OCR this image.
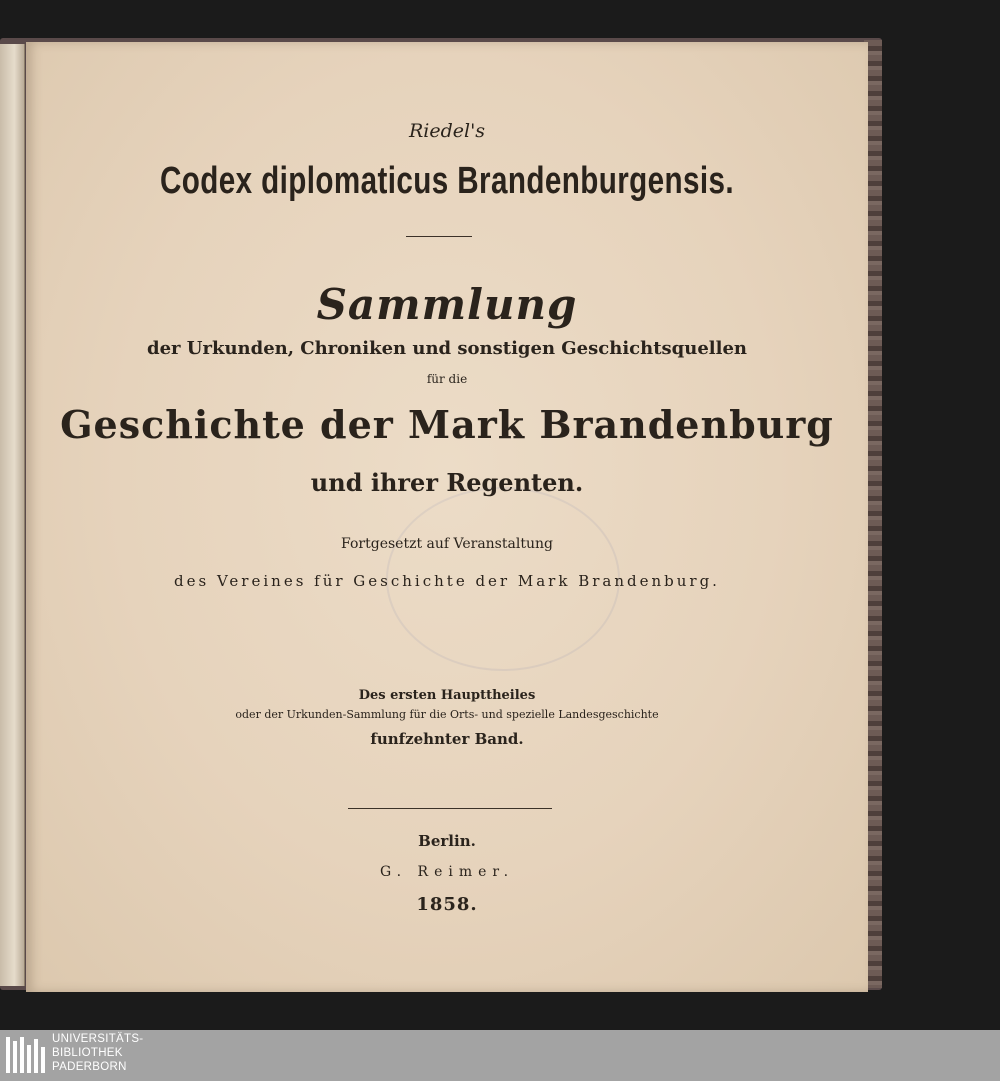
Riedel's
Codex diplomaticus Brandenburgensis.
Sammlung
der Urkunden, Chroniken und sonstigen Geschichtsquellen
für die
Geschichte der Mark Brandenburg
und ihrer Regenten.
Fortgesetzt auf Veranstaltung
des Vereines für Geschichte der Mark Brandenburg.
Des ersten Haupttheiles
oder der Urkunden-Sammlung für die Orts- und spezielle Landesgeschichte
funfzehnter Band.
Berlin.
G. Reimer.
1858.
UNIVERSITÄTS-
BIBLIOTHEK
PADERBORN
